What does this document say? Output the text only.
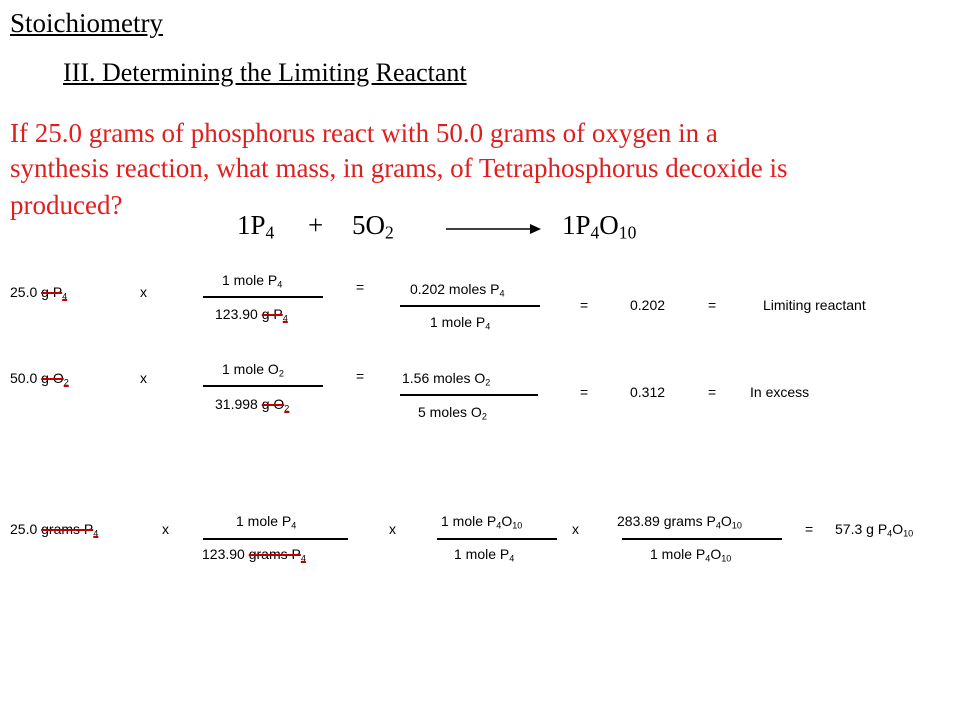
Stoichiometry
III. Determining the Limiting Reactant
If 25.0 grams of phosphorus react with 50.0 grams of oxygen in a
synthesis reaction, what mass, in grams, of Tetraphosphorus decoxide is
produced?
$1P_4 + 5O_2$	$1P_4O_{10}$
25.0 g $P_4$	x
1 mole $P_4$
123.90 g $P_4$
=	0.202 moles $P_4$
1 mole $P_4$
=	0.202	=	Limiting reactant
50.0 g $O_2$	x
1 mole $O_2$
31.998 g $O_2$
=	1.56 moles $O_2$
5 moles $O_2$
=	0.312	= In excess
25.0 grams $P_4$	x	1 mole $P_4$
123.90 grams $P_4$
x	1 mole $P_4O_{10}$
1 mole $P_4$
x	283.89 grams $P_4O_{10}$
1 mole $P_4O_{10}$
= 57.3 g $P_4O_{10}$
